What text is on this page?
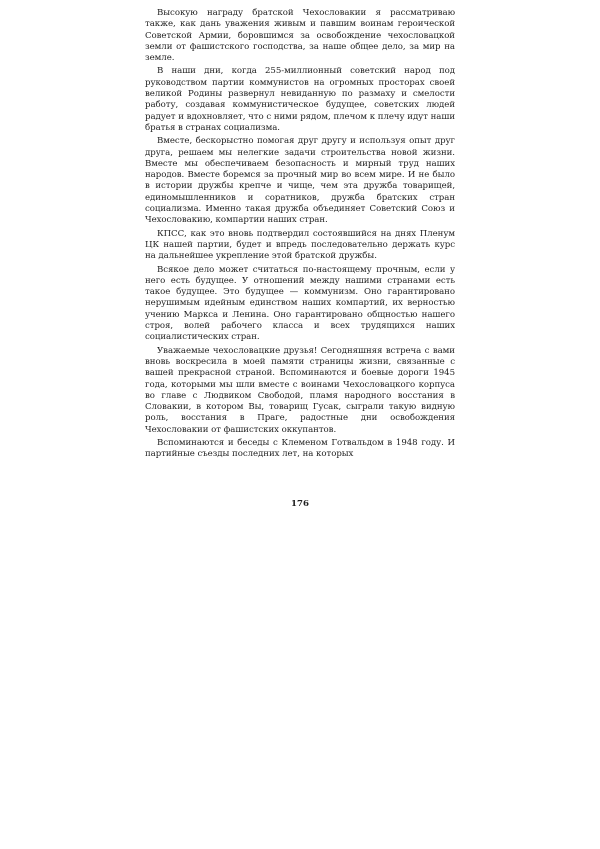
Высокую награду братской Чехословакии я рассматриваю также, как дань уважения живым и павшим воинам героической Советской Армии, боровшимся за освобождение чехословацкой земли от фашистского господства, за наше общее дело, за мир на земле.

В наши дни, когда 255-миллионный советский народ под руководством партии коммунистов на огромных просторах своей великой Родины развернул невиданную по размаху и смелости работу, создавая коммунистическое будущее, советских людей радует и вдохновляет, что с ними рядом, плечом к плечу идут наши братья в странах социализма.

Вместе, бескорыстно помогая друг другу и используя опыт друг друга, решаем мы нелегкие задачи строительства новой жизни. Вместе мы обеспечиваем безопасность и мирный труд наших народов. Вместе боремся за прочный мир во всем мире. И не было в истории дружбы крепче и чище, чем эта дружба товарищей, единомышленников и соратников, дружба братских стран социализма. Именно такая дружба объединяет Советский Союз и Чехословакию, компартии наших стран.

КПСС, как это вновь подтвердил состоявшийся на днях Пленум ЦК нашей партии, будет и впредь последовательно держать курс на дальнейшее укрепление этой братской дружбы.

Всякое дело может считаться по-настоящему прочным, если у него есть будущее. У отношений между нашими странами есть такое будущее. Это будущее — коммунизм. Оно гарантировано нерушимым идейным единством наших компартий, их верностью учению Маркса и Ленина. Оно гарантировано общностью нашего строя, волей рабочего класса и всех трудящихся наших социалистических стран.

Уважаемые чехословацкие друзья! Сегодняшняя встреча с вами вновь воскресила в моей памяти страницы жизни, связанные с вашей прекрасной страной. Вспоминаются и боевые дороги 1945 года, которыми мы шли вместе с воинами Чехословацкого корпуса во главе с Людвиком Свободой, пламя народного восстания в Словакии, в котором Вы, товарищ Гусак, сыграли такую видную роль, восстания в Праге, радостные дни освобождения Чехословакии от фашистских оккупантов.

Вспоминаются и беседы с Клеменом Готвальдом в 1948 году. И партийные съезды последних лет, на которых

176
